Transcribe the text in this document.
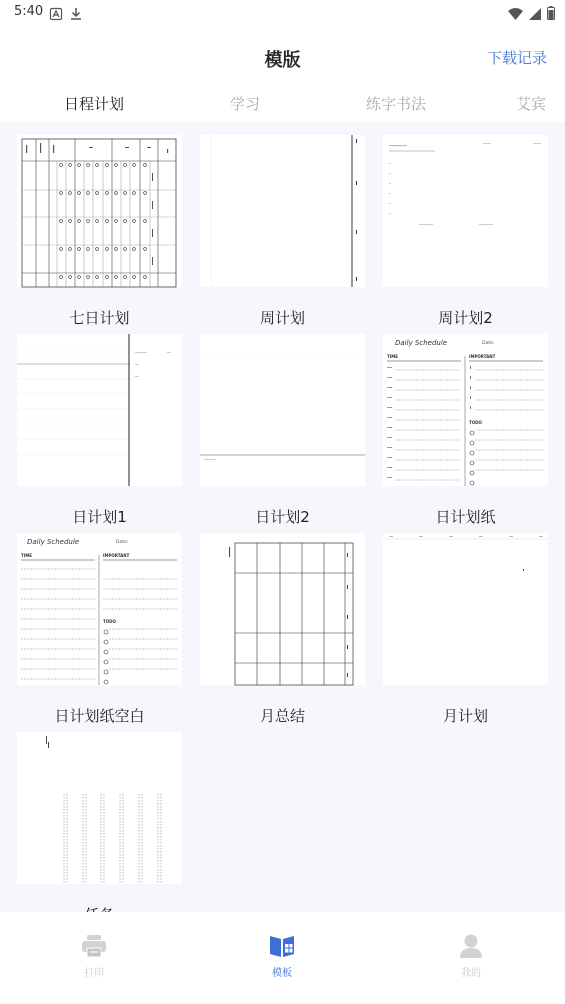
5:40
模版	下载记录
日程计划	学习	练字书法	艾宾
七日计划	周计划	周计划2
日计划1	日计划2
Daily Schedule	Date:
TIME	IMPORTANT
TODO
日计划纸
Daily Schedule	Date:
TIME	IMPORTANT
TODO
日计划纸空白	月总结	月计划
打印	模板	我的
